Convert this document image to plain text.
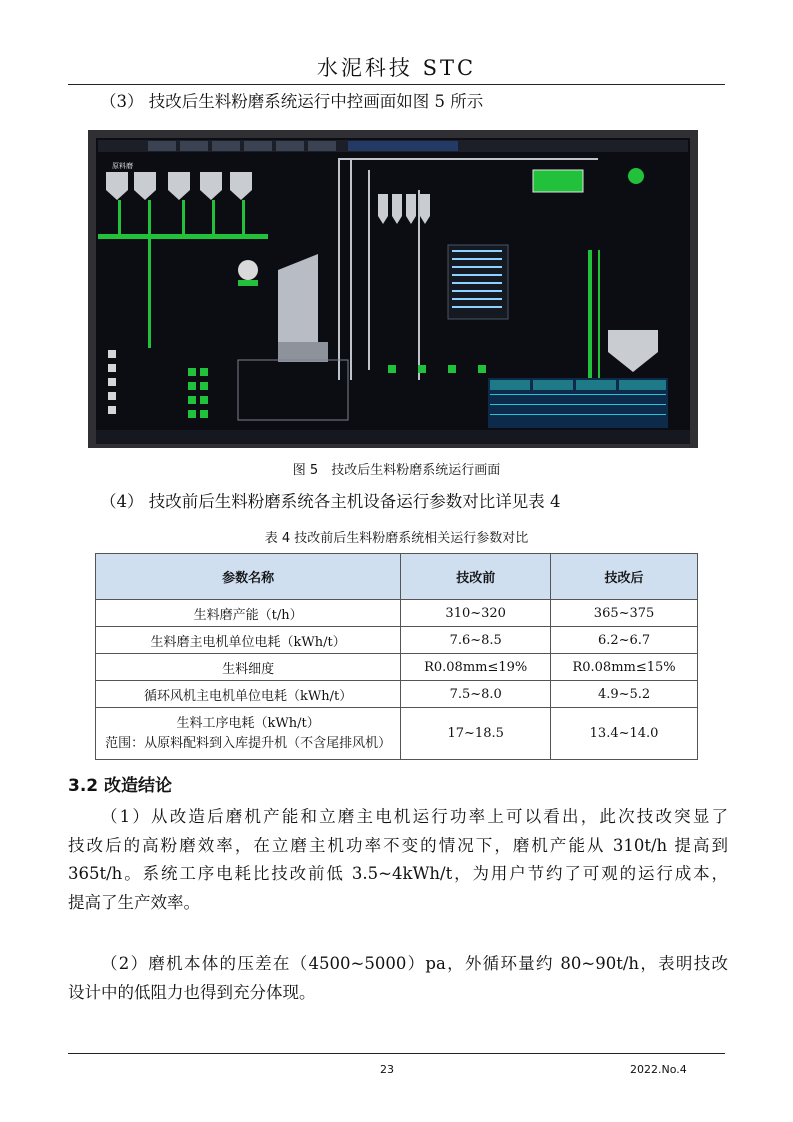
水泥科技 STC
（3） 技改后生料粉磨系统运行中控画面如图 5 所示
原料磨
图 5　技改后生料粉磨系统运行画面
（4） 技改前后生料粉磨系统各主机设备运行参数对比详见表 4
表 4 技改前后生料粉磨系统相关运行参数对比
参数名称	技改前	技改后
生料磨产能（t/h）	310~320	365~375
生料磨主电机单位电耗（kWh/t）	7.6~8.5	6.2~6.7
生料细度	R0.08mm≤19%	R0.08mm≤15%
循环风机主电机单位电耗（kWh/t）	7.5~8.0	4.9~5.2

生料工序电耗（kWh/t）
范围：从原料配料到入库提升机（不含尾排风机）	17~18.5	13.4~14.0
3.2 改造结论
（1）从改造后磨机产能和立磨主电机运行功率上可以看出，此次技改突显了
技改后的高粉磨效率，在立磨主机功率不变的情况下，磨机产能从 310t/h 提高到
365t/h。系统工序电耗比技改前低 3.5~4kWh/t，为用户节约了可观的运行成本，
提高了生产效率。
（2）磨机本体的压差在（4500~5000）pa，外循环量约 80~90t/h，表明技改
设计中的低阻力也得到充分体现。
23	2022.No.4
